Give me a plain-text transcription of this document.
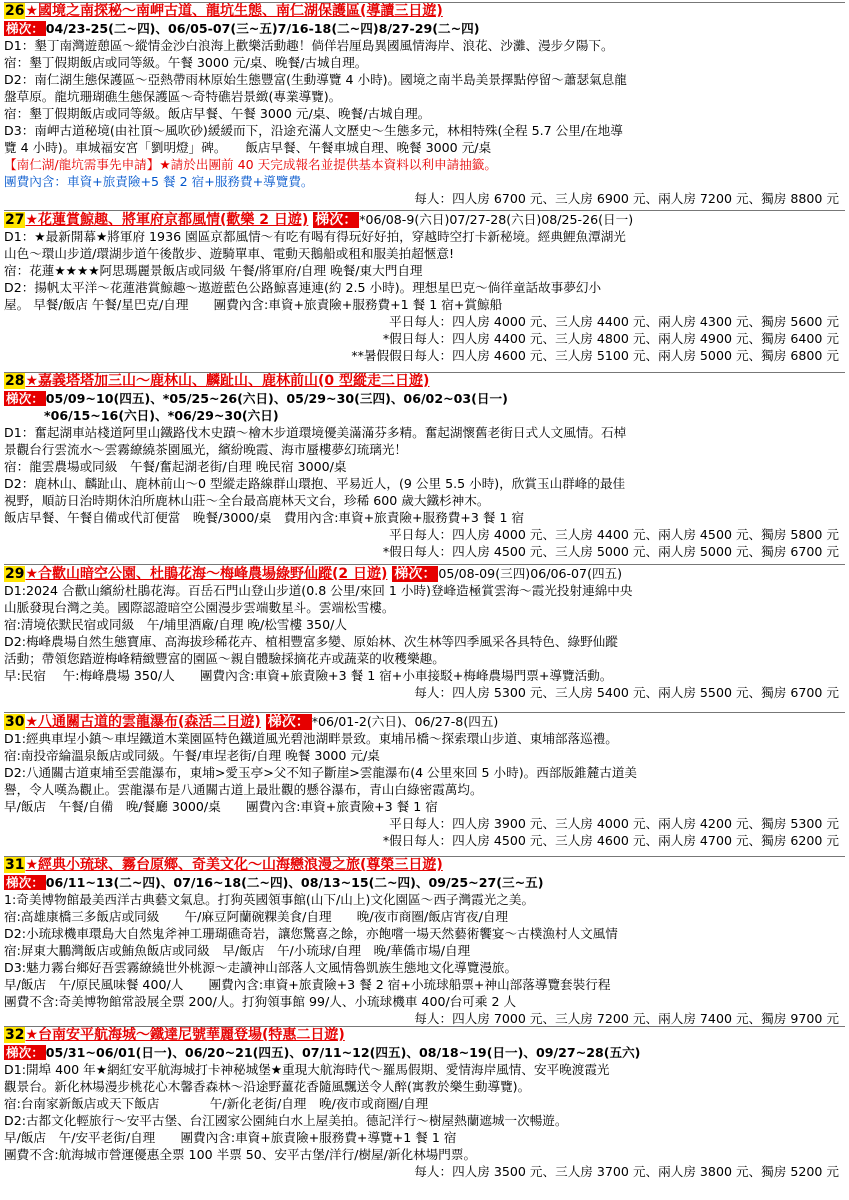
26★國境之南探秘～南岬古道、龍坑生態、南仁湖保護區(導讀三日遊)
梯次： 04/23-25(二~四)、06/05-07(三~五)7/16-18(二~四)8/27-29(二~四)
D1：墾丁南灣遊憩區～縱情金沙白浪海上歡樂活動趣！倘佯岩厘島異國風情海岸、浪花、沙灘、漫步夕陽下。
宿：墾丁假期飯店或同等級。午餐 3000 元/桌、晚餐/古城自理。
D2：南仁湖生態保護區～亞熱帶雨林原始生態豐富(生動導覽 4 小時)。國境之南半島美景擇點停留～蕭瑟氣息龍
盤草原。龍坑珊瑚礁生態保護區～奇特礁岩景緻(專業導覽)。
宿：墾丁假期飯店或同等級。飯店早餐、午餐 3000 元/桌、晚餐/古城自理。
D3：南岬古道秘境(由社頂～風吹砂)緩緩而下，沿途充滿人文歷史～生態多元，林相特殊(全程 5.7 公里/在地導
覽 4 小時)。車城福安宮「劉明燈」碑。　　飯店早餐、午餐車城自理、晚餐 3000 元/桌
【南仁湖/龍坑需事先申請】★請於出團前 40 天完成報名並提供基本資料以利申請抽籤。
團費內含：車資+旅責險+5 餐 2 宿+服務費+導覽費。
每人：四人房 6700 元、三人房 6900 元、兩人房 7200 元、獨房 8800 元
27★花蓮賞鯨趣、將軍府京都風情(歡樂 2 日遊) 梯次： *06/08-9(六日)07/27-28(六日)08/25-26(日一)
D1：★最新開幕★將軍府 1936 園區京都風情～有吃有喝有得玩好好拍，穿越時空打卡新秘境。經典鯉魚潭湖光
山色～環山步道/環湖步道午後散步、遊騎單車、電動天鵝船或租和服美拍超愜意!
宿：花蓮★★★★阿思瑪麗景飯店或同級 午餐/將軍府/自理 晚餐/東大門自理
D2：揚帆太平洋～花蓮港賞鯨趣～遨遊藍色公路鯨喜連連(約 2.5 小時)。理想星巴克～倘徉童話故事夢幻小
屋。 早餐/飯店 午餐/星巴克/自理　　團費內含:車資+旅責險+服務費+1 餐 1 宿+賞鯨船
平日每人：四人房 4000 元、三人房 4400 元、兩人房 4300 元、獨房 5600 元
*假日每人：四人房 4400 元、三人房 4800 元、兩人房 4900 元、獨房 6400 元
**暑假假日每人：四人房 4600 元、三人房 5100 元、兩人房 5000 元、獨房 6800 元
28★嘉義塔塔加三山～鹿林山、麟趾山、鹿林前山(0 型縱走二日遊)
梯次： 05/09~10(四五)、*05/25~26(六日)、05/29~30(三四)、06/02~03(日一)
*06/15~16(六日)、*06/29~30(六日)
D1：奮起湖車站棧道阿里山鐵路伐木史蹟～檜木步道環境優美滿滿芬多精。奮起湖懷舊老街日式人文風情。石棹
景觀台行雲流水～雲霧繚繞茶園風光，繽紛晚霞、海市蜃樓夢幻琉璃光！
宿：龍雲農場或同級　午餐/奮起湖老街/自理 晚民宿 3000/桌
D2：鹿林山、麟趾山、鹿林前山～0 型縱走路線群山環抱、平易近人，(9 公里 5.5 小時)，欣賞玉山群峰的最佳
視野，順訪日治時期休泊所鹿林山莊～全台最高鹿林天文台，珍稀 600 歲大鐵杉神木。
飯店早餐、午餐自備或代訂便當　晚餐/3000/桌　費用內含:車資+旅責險+服務費+3 餐 1 宿
平日每人：四人房 4000 元、三人房 4400 元、兩人房 4500 元、獨房 5800 元
*假日每人：四人房 4500 元、三人房 5000 元、兩人房 5000 元、獨房 6700 元
29★合歡山暗空公園、杜鵑花海～梅峰農場綠野仙蹤(2 日遊) 梯次： 05/08-09(三四)06/06-07(四五)
D1:2024 合歡山繽紛杜鵑花海。百岳石門山登山步道(0.8 公里/來回 1 小時)登峰造極賞雲海～霞光投射連綿中央
山脈發現台灣之美。國際認證暗空公園漫步雲端數星斗。雲端松雪樓。
宿:清境依默民宿或同級　午/埔里酒廠/自理 晚/松雪樓 350/人
D2:梅峰農場自然生態寶庫、高海拔珍稀花卉、植相豐富多變、原始林、次生林等四季風采各具特色、綠野仙蹤
活動；帶領您踏遊梅峰精緻豐富的園區～親自體驗採摘花卉或蔬菜的收穫樂趣。
早:民宿　 午:梅峰農場 350/人　　團費內含:車資+旅責險+3 餐 1 宿+小車接駁+梅峰農場門票+導覽活動。
每人：四人房 5300 元、三人房 5400 元、兩人房 5500 元、獨房 6700 元
30★八通關古道的雲龍瀑布(森活二日遊) 梯次： *06/01-2(六日)、06/27-8(四五)
D1:經典車埕小鎮～車埕鐵道木業園區特色鐵道風光碧池湖畔景致。東埔吊橋～探索環山步道、東埔部落巡禮。
宿:南投帝綸溫泉飯店或同級。午餐/車埕老街/自理 晚餐 3000 元/桌
D2:八通關古道東埔至雲龍瀑布，東埔>愛玉亭>父不知子斷崖>雲龍瀑布(4 公里來回 5 小時)。西部版錐麓古道美
譽，令人嘆為觀止。雲龍瀑布是八通關古道上最壯觀的懸谷瀑布，青山白綠密霞萬均。
早/飯店　午餐/自備　晚/餐廳 3000/桌　　團費內含:車資+旅責險+3 餐 1 宿
平日每人：四人房 3900 元、三人房 4000 元、兩人房 4200 元、獨房 5300 元
*假日每人：四人房 4500 元、三人房 4600 元、兩人房 4700 元、獨房 6200 元
31★經典小琉球、霧台原鄉、奇美文化～山海戀浪漫之旅(尊榮三日遊)
梯次： 06/11~13(二~四)、07/16~18(二~四)、08/13~15(二~四)、09/25~27(三~五)
1:奇美博物館最美西洋古典藝文氣息。打狗英國領事館(山下/山上)文化園區～西子灣霞光之美。
宿:高雄康橋三多飯店或同級　　午/麻豆阿蘭碗粿美食/自理　　晚/夜市商圈/飯店宵夜/自理
D2:小琉球機車環島大自然鬼斧神工珊瑚礁奇岩，讓您驚喜之餘，亦飽嚐一場天然藝術饗宴～古樸漁村人文風情
宿:屏東大鵬灣飯店或鮪魚飯店或同級　早/飯店　午/小琉球/自理　晚/華僑市場/自理
D3:魅力霧台鄉好吾雲霧繚繞世外桃源～走讀神山部落人文風情魯凱族生態地文化導覽漫旅。
早/飯店　午/原民風味餐 400/人　　團費內含:車資+旅責險+3 餐 2 宿+小琉球船票+神山部落導覽套裝行程
團費不含:奇美博物館常設展全票 200/人。打狗領事館 99/人、小琉球機車 400/台可乘 2 人
每人：四人房 7000 元、三人房 7200 元、兩人房 7400 元、獨房 9700 元
32★台南安平航海城～鐵達尼號華麗登場(特惠二日遊)
梯次： 05/31~06/01(日一)、06/20~21(四五)、07/11~12(四五)、08/18~19(日一)、09/27~28(五六)
D1:開埠 400 年★網紅安平航海城打卡神秘城堡★重現大航海時代～羅馬假期、愛情海岸風情、安平晚渡霞光
觀景台。新化林場漫步桃花心木馨香森林～沿途野薑花香隨風飄送令人醉(寓教於樂生動導覽)。
宿:台南家新飯店或天下飯店　　　　午/新化老街/自理　晚/夜市或商圈/自理
D2:古都文化輕旅行～安平古堡、台江國家公園純白水上屋美拍。德記洋行～樹屋熱蘭遮城一次暢遊。
早/飯店　午/安平老街/自理　　團費內含:車資+旅責險+服務費+導覽+1 餐 1 宿
團費不含:航海城市營運優惠全票 100 半票 50、安平古堡/洋行/樹屋/新化林場門票。
每人：四人房 3500 元、三人房 3700 元、兩人房 3800 元、獨房 5200 元
